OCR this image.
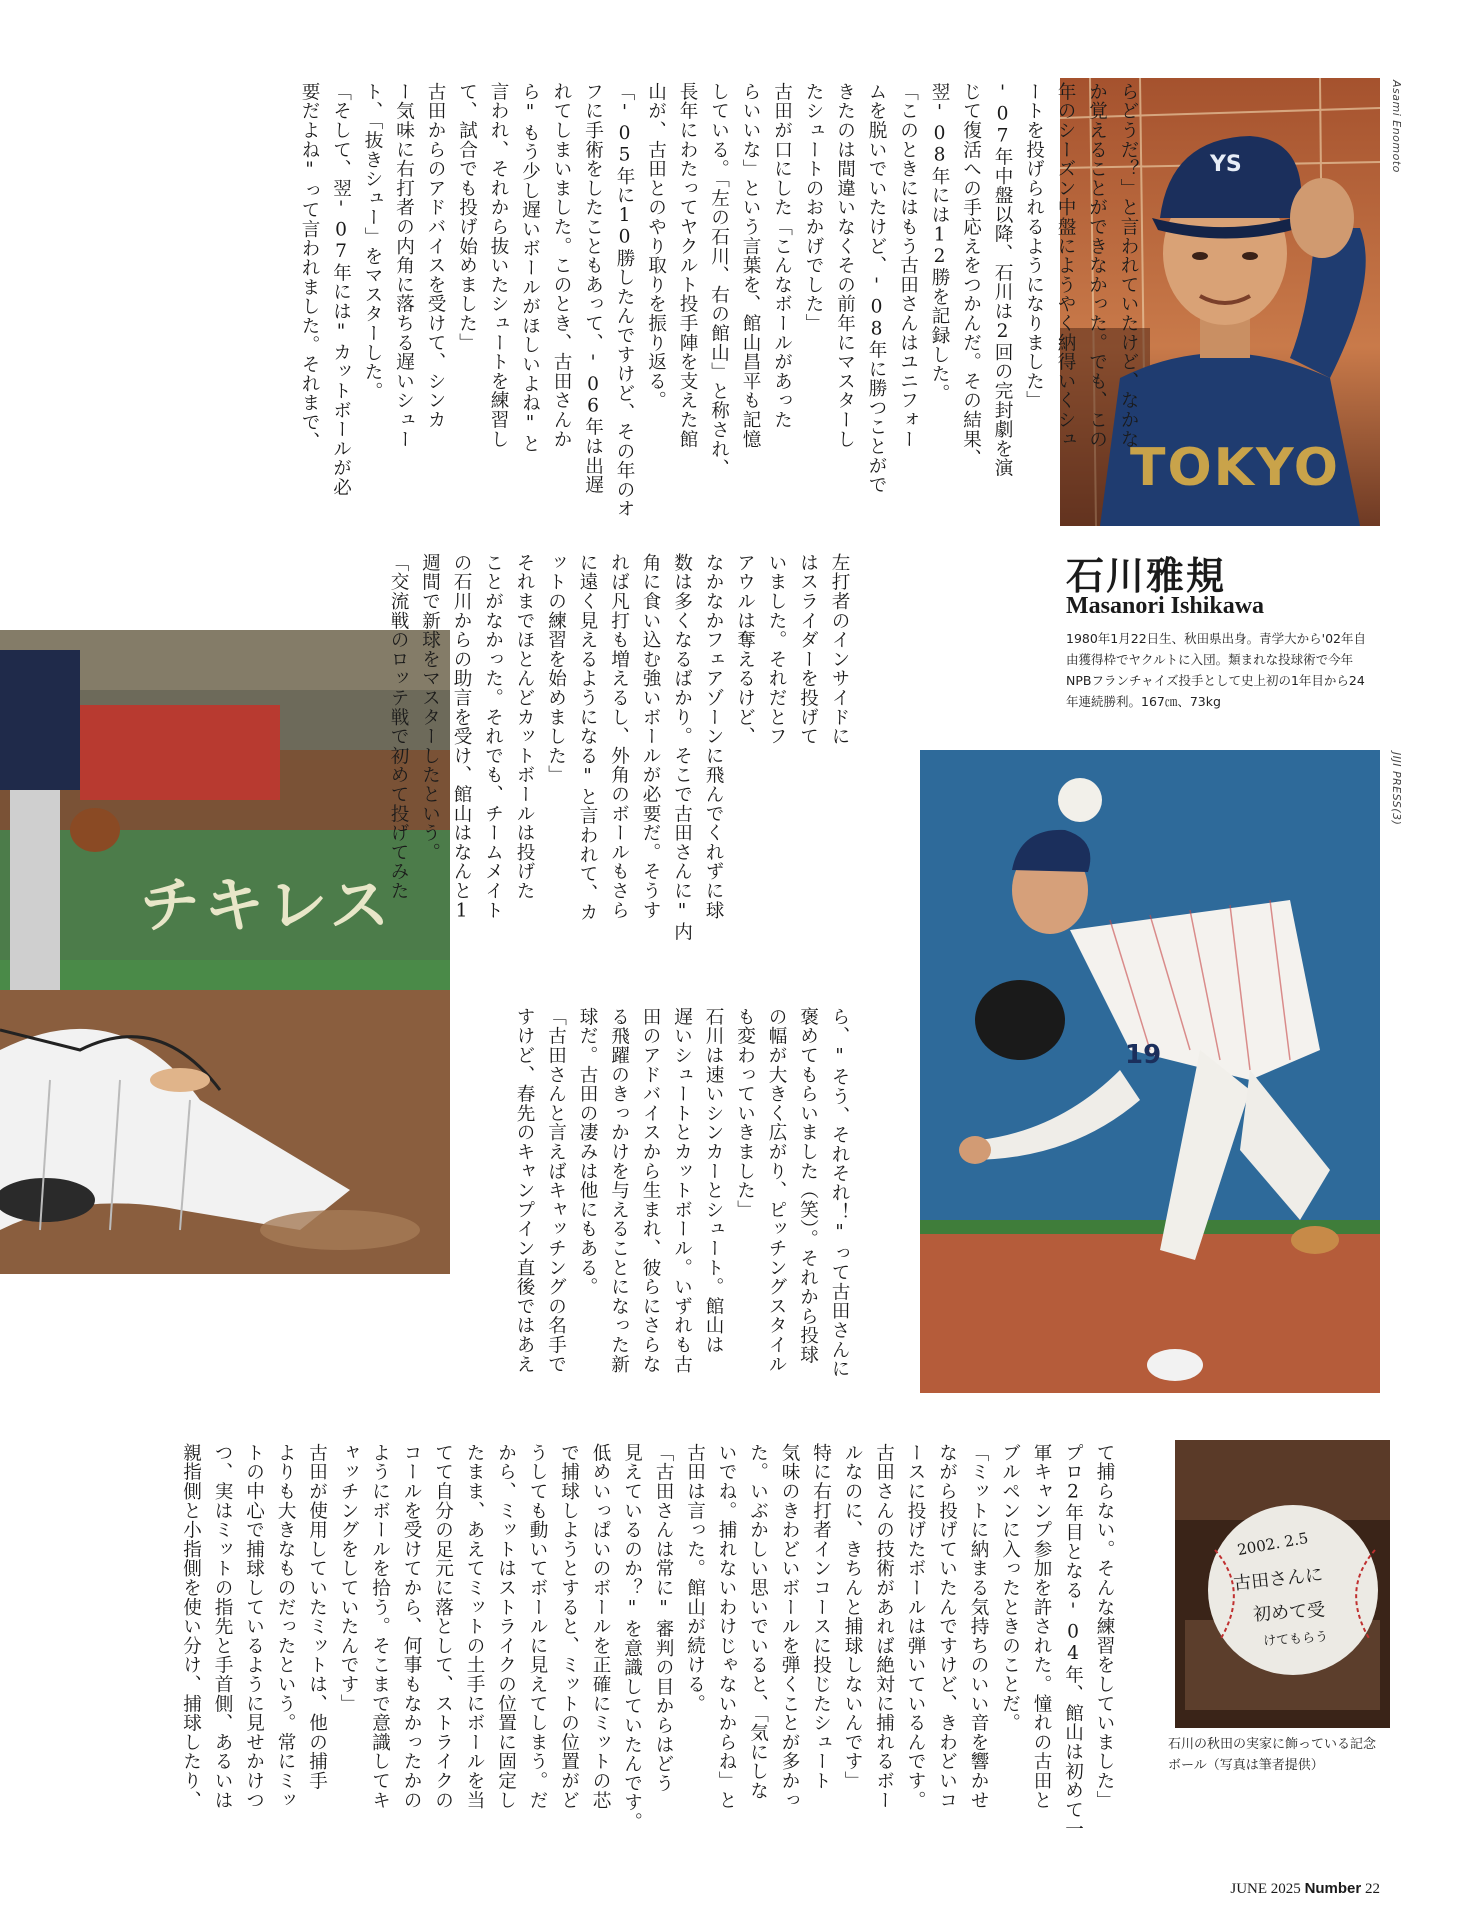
YS
TOKYO
Asami Enomoto
石川雅規
Masanori Ishikawa
1980年1月22日生、秋田県出身。青学大から'02年自由獲得枠でヤクルトに入団。類まれな投球術で今年NPBフランチャイズ投手として史上初の1年目から24年連続勝利。167㎝、73kg
チキレス
19
JIJI PRESS(3)
2002. 2.5
古田さんに
初めて受
けてもらう
石川の秋田の実家に飾っている記念ボール（写真は筆者提供）
らどうだ？」と言われていたけど、なかな
か覚えることができなかった。でも、この
年のシーズン中盤にようやく納得いくシュ
ートを投げられるようになりました」
'07年中盤以降、石川は2回の完封劇を演
じて復活への手応えをつかんだ。その結果、
翌'08年には12勝を記録した。
「このときにはもう古田さんはユニフォー
ムを脱いでいたけど、'08年に勝つことがで
きたのは間違いなくその前年にマスターし
たシュートのおかげでした」
古田が口にした「こんなボールがあった
らいいな」という言葉を、館山昌平も記憶
している。「左の石川、右の館山」と称され、
長年にわたってヤクルト投手陣を支えた館
山が、古田とのやり取りを振り返る。
「'05年に10勝したんですけど、その年のオ
フに手術をしたこともあって、'06年は出遅
れてしまいました。このとき、古田さんか
ら"もう少し遅いボールがほしいよね"と
言われ、それから抜いたシュートを練習し
て、試合でも投げ始めました」
古田からのアドバイスを受けて、シンカ
ー気味に右打者の内角に落ちる遅いシュー
ト、「抜きシュー」をマスターした。
「そして、翌'07年には"カットボールが必
要だよね"って言われました。それまで、
左打者のインサイドに
はスライダーを投げて
いました。それだとフ
アウルは奪えるけど、
なかなかフェアゾーンに飛んでくれずに球
数は多くなるばかり。そこで古田さんに"内
角に食い込む強いボールが必要だ。そうす
れば凡打も増えるし、外角のボールもさら
に遠く見えるようになる"と言われて、カ
ットの練習を始めました」
それまでほとんどカットボールは投げた
ことがなかった。それでも、チームメイト
の石川からの助言を受け、館山はなんと1
週間で新球をマスターしたという。
「交流戦のロッテ戦で初めて投げてみた
ら、"そう、それそれ！"って古田さんに
褒めてもらいました（笑）。それから投球
の幅が大きく広がり、ピッチングスタイル
も変わっていきました」
石川は速いシンカーとシュート。館山は
遅いシュートとカットボール。いずれも古
田のアドバイスから生まれ、彼らにさらな
る飛躍のきっかけを与えることになった新
球だ。古田の凄みは他にもある。
「古田さんと言えばキャッチングの名手で
すけど、春先のキャンプイン直後ではあえ
て捕らない。そんな練習をしていました」
プロ2年目となる'04年、館山は初めて一
軍キャンプ参加を許された。憧れの古田と
ブルペンに入ったときのことだ。
「ミットに納まる気持ちのいい音を響かせ
ながら投げていたんですけど、きわどいコ
ースに投げたボールは弾いているんです。
古田さんの技術があれば絶対に捕れるボー
ルなのに、きちんと捕球しないんです」
特に右打者インコースに投じたシュート
気味のきわどいボールを弾くことが多かっ
た。いぶかしい思いでいると、「気にしな
いでね。捕れないわけじゃないからね」と
古田は言った。館山が続ける。
「古田さんは常に"審判の目からはどう
見えているのか？"を意識していたんです。
低めいっぱいのボールを正確にミットの芯
で捕球しようとすると、ミットの位置がど
うしても動いてボールに見えてしまう。だ
から、ミットはストライクの位置に固定し
たまま、あえてミットの土手にボールを当
てて自分の足元に落として、ストライクの
コールを受けてから、何事もなかったかの
ようにボールを拾う。そこまで意識してキ
ャッチングをしていたんです」
古田が使用していたミットは、他の捕手
よりも大きなものだったという。常にミッ
トの中心で捕球しているように見せかけつ
つ、実はミットの指先と手首側、あるいは
親指側と小指側を使い分け、捕球したり、
JUNE 2025 Number 22
